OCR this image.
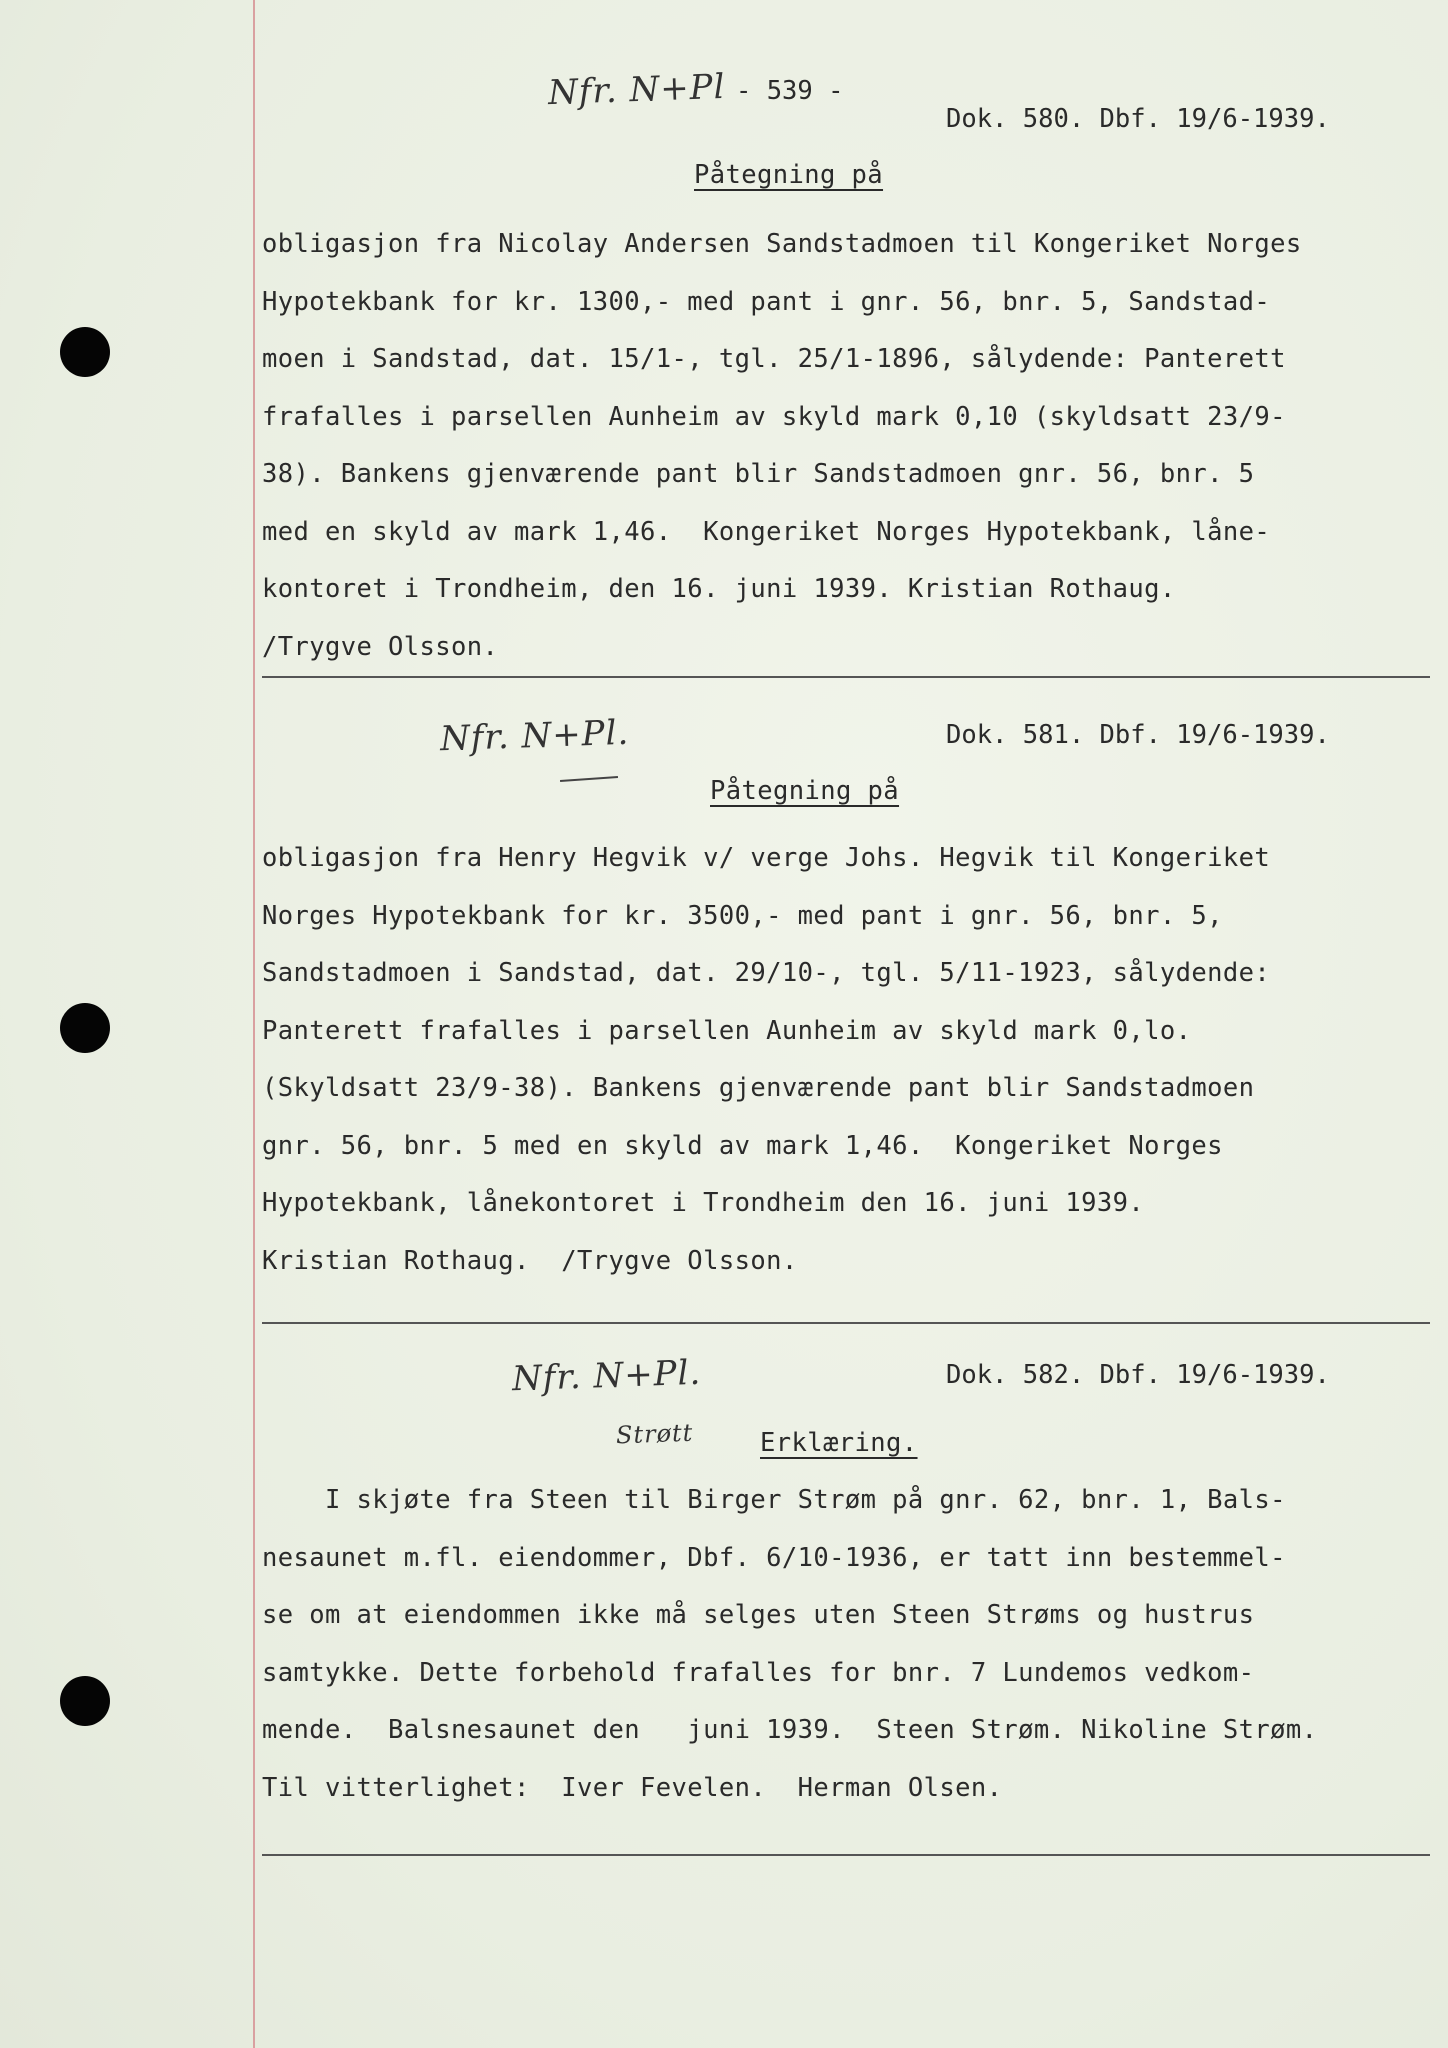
Nfr. N+Pl - 539 -
Dok. 580. Dbf. 19/6-1939.
Påtegning på

obligasjon fra Nicolay Andersen Sandstadmoen til Kongeriket Norges

Hypotekbank for kr. 1300,- med pant i gnr. 56, bnr. 5, Sandstad-

moen i Sandstad, dat. 15/1-, tgl. 25/1-1896, sålydende: Panterett

frafalles i parsellen Aunheim av skyld mark 0,10 (skyldsatt 23/9-

38). Bankens gjenværende pant blir Sandstadmoen gnr. 56, bnr. 5

med en skyld av mark 1,46.  Kongeriket Norges Hypotekbank, låne-

kontoret i Trondheim, den 16. juni 1939. Kristian Rothaug.

/Trygve Olsson.

Nfr. N+Pl.	Dok. 581. Dbf. 19/6-1939.
Påtegning på

obligasjon fra Henry Hegvik v/ verge Johs. Hegvik til Kongeriket

Norges Hypotekbank for kr. 3500,- med pant i gnr. 56, bnr. 5,

Sandstadmoen i Sandstad, dat. 29/10-, tgl. 5/11-1923, sålydende:

Panterett frafalles i parsellen Aunheim av skyld mark 0,lo.

(Skyldsatt 23/9-38). Bankens gjenværende pant blir Sandstadmoen

gnr. 56, bnr. 5 med en skyld av mark 1,46.  Kongeriket Norges

Hypotekbank, lånekontoret i Trondheim den 16. juni 1939.

Kristian Rothaug.  /Trygve Olsson.

Nfr. N+Pl.	Dok. 582. Dbf. 19/6-1939.
Strøtt	Erklæring.

I skjøte fra Steen til Birger Strøm på gnr. 62, bnr. 1, Bals-

nesaunet m.fl. eiendommer, Dbf. 6/10-1936, er tatt inn bestemmel-

se om at eiendommen ikke må selges uten Steen Strøms og hustrus

samtykke. Dette forbehold frafalles for bnr. 7 Lundemos vedkom-

mende.  Balsnesaunet den   juni 1939.  Steen Strøm. Nikoline Strøm.

Til vitterlighet:  Iver Fevelen.  Herman Olsen.
